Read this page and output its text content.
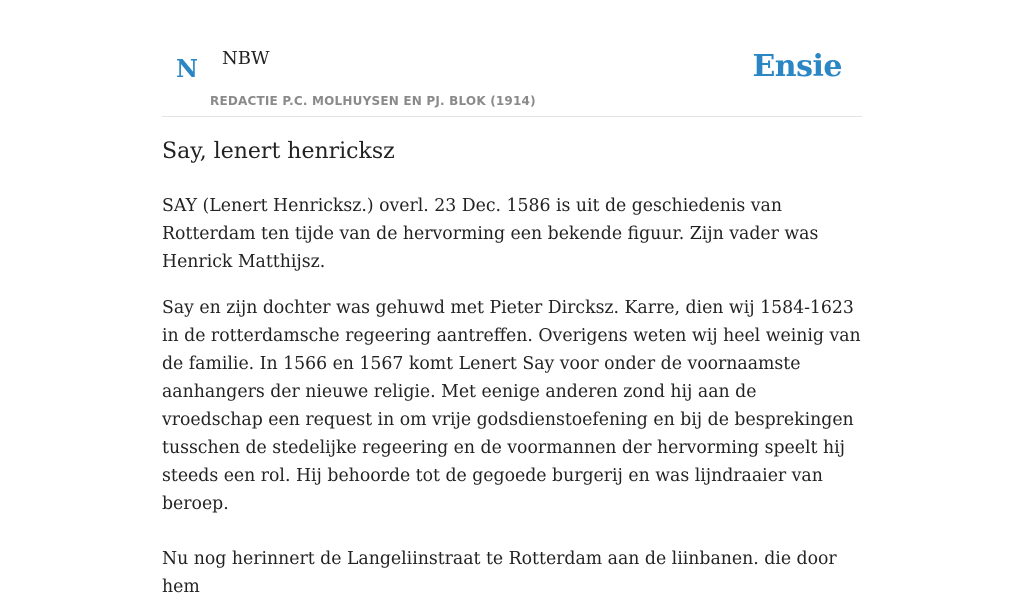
N NBW
REDACTIE P.C. MOLHUYSEN EN PJ. BLOK (1914)
Ensie
Say, lenert henricksz

SAY (Lenert Henricksz.) overl. 23 Dec. 1586 is uit de geschiedenis van Rotterdam ten tijde van de hervorming een bekende figuur. Zijn vader was Henrick Matthijsz.

Say en zijn dochter was gehuwd met Pieter Dircksz. Karre, dien wij 1584-1623 in de rotterdamsche regeering aantreffen. Overigens weten wij heel weinig van de familie. In 1566 en 1567 komt Lenert Say voor onder de voornaamste aanhangers der nieuwe religie. Met eenige anderen zond hij aan de vroedschap een request in om vrije godsdienstoefening en bij de besprekingen tusschen de stedelijke regeering en de voormannen der hervorming speelt hij steeds een rol. Hij behoorde tot de gegoede burgerij en was lijndraaier van beroep.

Nu nog herinnert de Langeliinstraat te Rotterdam aan de liinbanen. die door hem
